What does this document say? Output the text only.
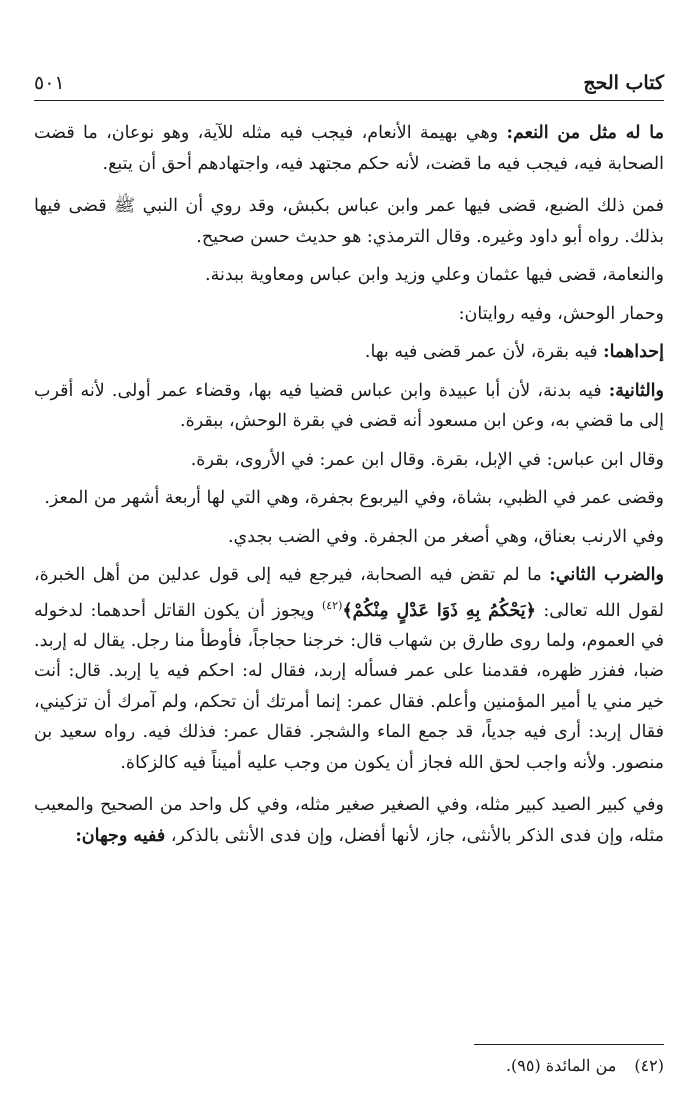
كتاب الحج
٥٠١

ما له مثل من النعم: وهي بهيمة الأنعام، فيجب فيه مثله للآية، وهو نوعان، ما قضت الصحابة فيه، فيجب فيه ما قضت، لأنه حكم مجتهد فيه، واجتهادهم أحق أن يتبع.

فمن ذلك الضبع، قضى فيها عمر وابن عباس بكبش، وقد روي أن النبي ﷺ قضى فيها بذلك. رواه أبو داود وغيره. وقال الترمذي: هو حديث حسن صحيح.

والنعامة، قضى فيها عثمان وعلي وزيد وابن عباس ومعاوية ببدنة.

وحمار الوحش، وفيه روايتان:

إحداهما: فيه بقرة، لأن عمر قضى فيه بها.

والثانية: فيه بدنة، لأن أبا عبيدة وابن عباس قضيا فيه بها، وقضاء عمر أولى. لأنه أقرب إلى ما قضي به، وعن ابن مسعود أنه قضى في بقرة الوحش، ببقرة.

وقال ابن عباس: في الإبل، بقرة. وقال ابن عمر: في الأروى، بقرة.

وقضى عمر في الظبي، بشاة، وفي اليربوع بجفرة، وهي التي لها أربعة أشهر من المعز.

وفي الارنب بعناق، وهي أصغر من الجفرة. وفي الضب بجدي.

والضرب الثاني: ما لم تقض فيه الصحابة، فيرجع فيه إلى قول عدلين من أهل الخبرة، لقول الله تعالى: ﴿يَحْكُمُ بِهِ ذَوَا عَدْلٍ مِنْكُمْ﴾$^{(٤٢)}$ ويجوز أن يكون القاتل أحدهما: لدخوله في العموم، ولما روى طارق بن شهاب قال: خرجنا حجاجاً، فأوطأ منا رجل. يقال له إربد. ضبا، ففزر ظهره، فقدمنا على عمر فسأله إربد، فقال له: احكم فيه يا إربد. قال: أنت خير مني يا أمير المؤمنين وأعلم. فقال عمر: إنما أمرتك أن تحكم، ولم آمرك أن تزكيني، فقال إربد: أرى فيه جدياً، قد جمع الماء والشجر. فقال عمر: فذلك فيه. رواه سعيد بن منصور. ولأنه واجب لحق الله فجاز أن يكون من وجب عليه أميناً فيه كالزكاة.

وفي كبير الصيد كبير مثله، وفي الصغير صغير مثله، وفي كل واحد من الصحيح والمعيب مثله، وإن فدى الذكر بالأنثى، جاز، لأنها أفضل، وإن فدى الأنثى بالذكر، ففيه وجهان:

(٤٢)من المائدة (٩٥).
